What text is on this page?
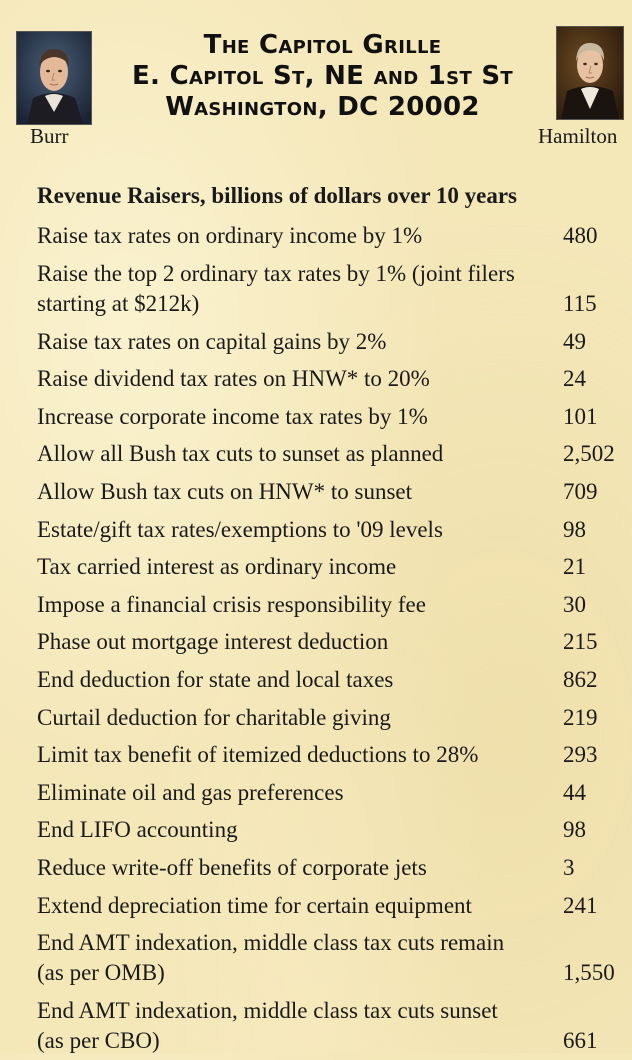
Burr
The Capitol Grille
E. Capitol St, NE and 1st St
Washington, DC 20002
Hamilton
Revenue Raisers, billions of dollars over 10 years
Raise tax rates on ordinary income by 1%	480
Raise the top 2 ordinary tax rates by 1% (joint filers
starting at $212k)	115
Raise tax rates on capital gains by 2%	49
Raise dividend tax rates on HNW* to 20%	24
Increase corporate income tax rates by 1%	101
Allow all Bush tax cuts to sunset as planned	2,502
Allow Bush tax cuts on HNW* to sunset	709
Estate/gift tax rates/exemptions to '09 levels	98
Tax carried interest as ordinary income	21
Impose a financial crisis responsibility fee	30
Phase out mortgage interest deduction	215
End deduction for state and local taxes	862
Curtail deduction for charitable giving	219
Limit tax benefit of itemized deductions to 28%	293
Eliminate oil and gas preferences	44
End LIFO accounting	98
Reduce write-off benefits of corporate jets	3
Extend depreciation time for certain equipment	241
End AMT indexation, middle class tax cuts remain
(as per OMB)	1,550
End AMT indexation, middle class tax cuts sunset
(as per CBO)	661
